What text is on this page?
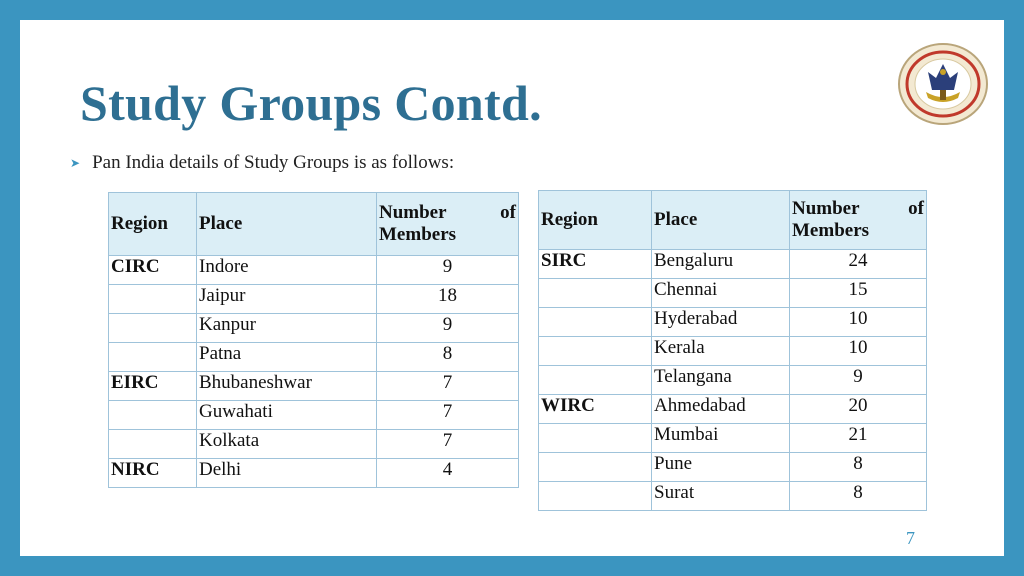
Study Groups Contd.
➤ Pan India details of Study Groups is as follows:
Region	Place	Number of
Members
CIRC	Indore	9
	Jaipur	18
	Kanpur	9
	Patna	8
EIRC	Bhubaneshwar	7
	Guwahati	7
	Kolkata	7
NIRC	Delhi	4
Region	Place	Number of
Members
SIRC	Bengaluru	24
	Chennai	15
	Hyderabad	10
	Kerala	10
	Telangana	9
WIRC	Ahmedabad	20
	Mumbai	21
	Pune	8
	Surat	8
7
